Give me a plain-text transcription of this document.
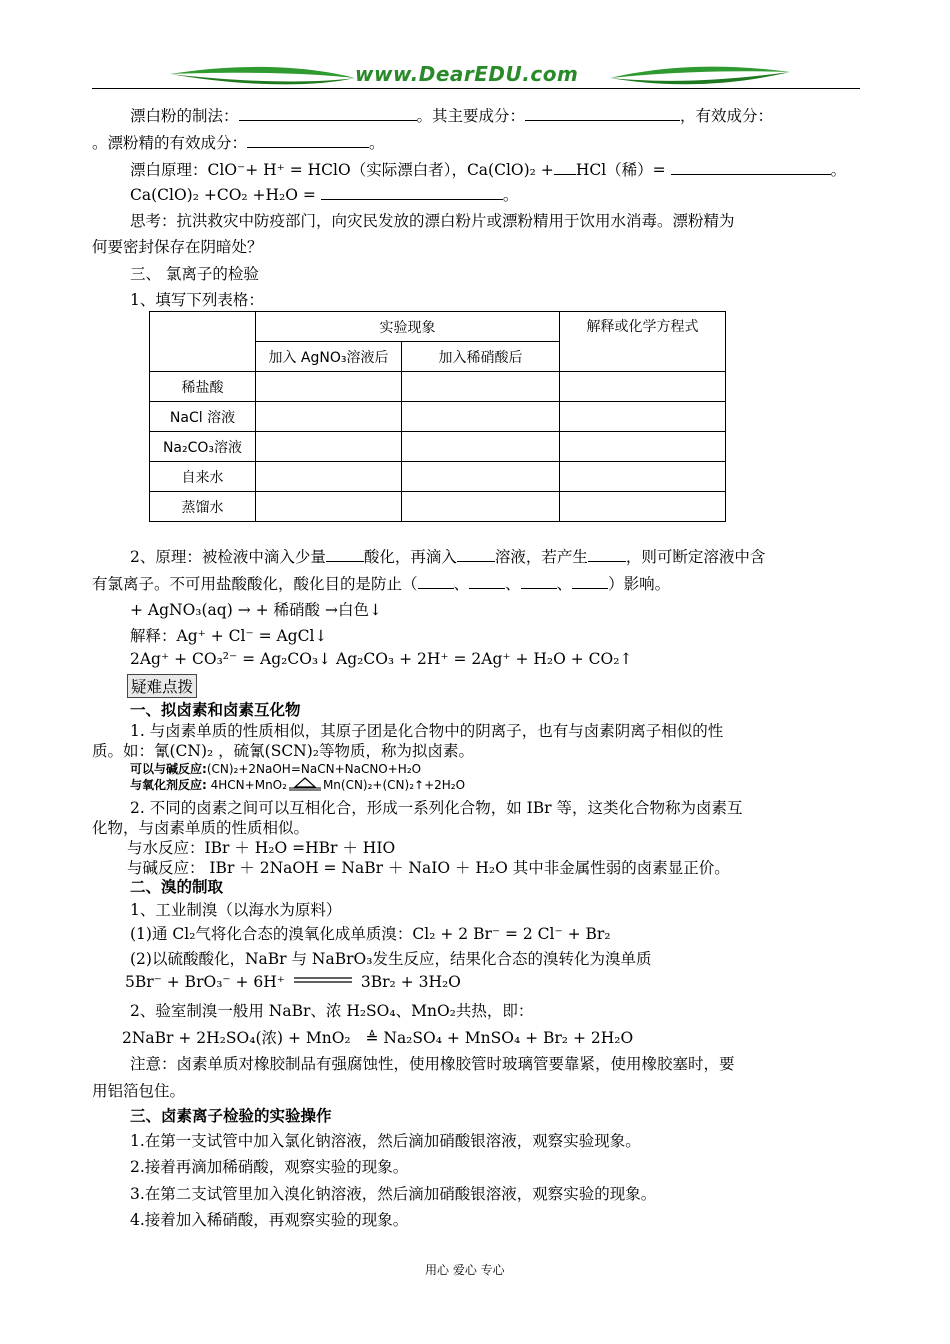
www.DearEDU.com
漂白粉的制法：	。其主要成分：	，有效成分：
。漂粉精的有效成分：	。
漂白原理：ClO⁻+ H⁺ = HClO（实际漂白者），Ca(ClO)₂ + HCl（稀）=	。
Ca(ClO)₂ +CO₂ +H₂O =	。
思考：抗洪救灾中防疫部门，向灾民发放的漂白粉片或漂粉精用于饮用水消毒。漂粉精为
何要密封保存在阴暗处？
三、 氯离子的检验
1、填写下列表格：
	实验现象		解释或化学方程式
	加入 AgNO₃溶液后	加入稀硝酸后	
稀盐酸			
NaCl 溶液			
Na₂CO₃溶液			
自来水			
蒸馏水			
2、原理：被检液中滴入少量 酸化，再滴入 溶液，若产生 ，则可断定溶液中含
有氯离子。不可用盐酸酸化，酸化目的是防止（ 、 、 、 ）影响。
+ AgNO₃(aq) → + 稀硝酸 →白色↓
解释：Ag⁺ + Cl⁻ = AgCl↓
2Ag⁺ + CO₃²⁻ = Ag₂CO₃↓ Ag₂CO₃ + 2H⁺ = 2Ag⁺ + H₂O + CO₂↑
疑难点拨
一、拟卤素和卤素互化物
1. 与卤素单质的性质相似，其原子团是化合物中的阴离子，也有与卤素阴离子相似的性
质。如：氰(CN)₂ ，硫氰(SCN)₂等物质，称为拟卤素。
可以与碱反应:(CN)₂+2NaOH=NaCN+NaCNO+H₂O
与氧化剂反应: 4HCN+MnO₂	Mn(CN)₂+(CN)₂↑+2H₂O
2. 不同的卤素之间可以互相化合，形成一系列化合物，如 IBr 等，这类化合物称为卤素互
化物，与卤素单质的性质相似。
与水反应：IBr ＋ H₂O =HBr ＋ HIO
与碱反应： IBr ＋ 2NaOH = NaBr ＋ NaIO ＋ H₂O 其中非金属性弱的卤素显正价。
二、溴的制取
1、工业制溴（以海水为原料）
(1)通 Cl₂气将化合态的溴氧化成单质溴：Cl₂ + 2 Br⁻ = 2 Cl⁻ + Br₂
(2)以硫酸酸化，NaBr 与 NaBrO₃发生反应，结果化合态的溴转化为溴单质
5Br⁻ + BrO₃⁻ + 6H⁺	3Br₂ + 3H₂O
2、验室制溴一般用 NaBr、浓 H₂SO₄、MnO₂共热，即：
2NaBr + 2H₂SO₄(浓) + MnO₂ ≜ Na₂SO₄ + MnSO₄ + Br₂ + 2H₂O
注意：卤素单质对橡胶制品有强腐蚀性，使用橡胶管时玻璃管要靠紧，使用橡胶塞时，要
用铝箔包住。
三、卤素离子检验的实验操作
1.在第一支试管中加入氯化钠溶液，然后滴加硝酸银溶液，观察实验现象。
2.接着再滴加稀硝酸，观察实验的现象。
3.在第二支试管里加入溴化钠溶液，然后滴加硝酸银溶液，观察实验的现象。
4.接着加入稀硝酸，再观察实验的现象。
用心 爱心 专心
